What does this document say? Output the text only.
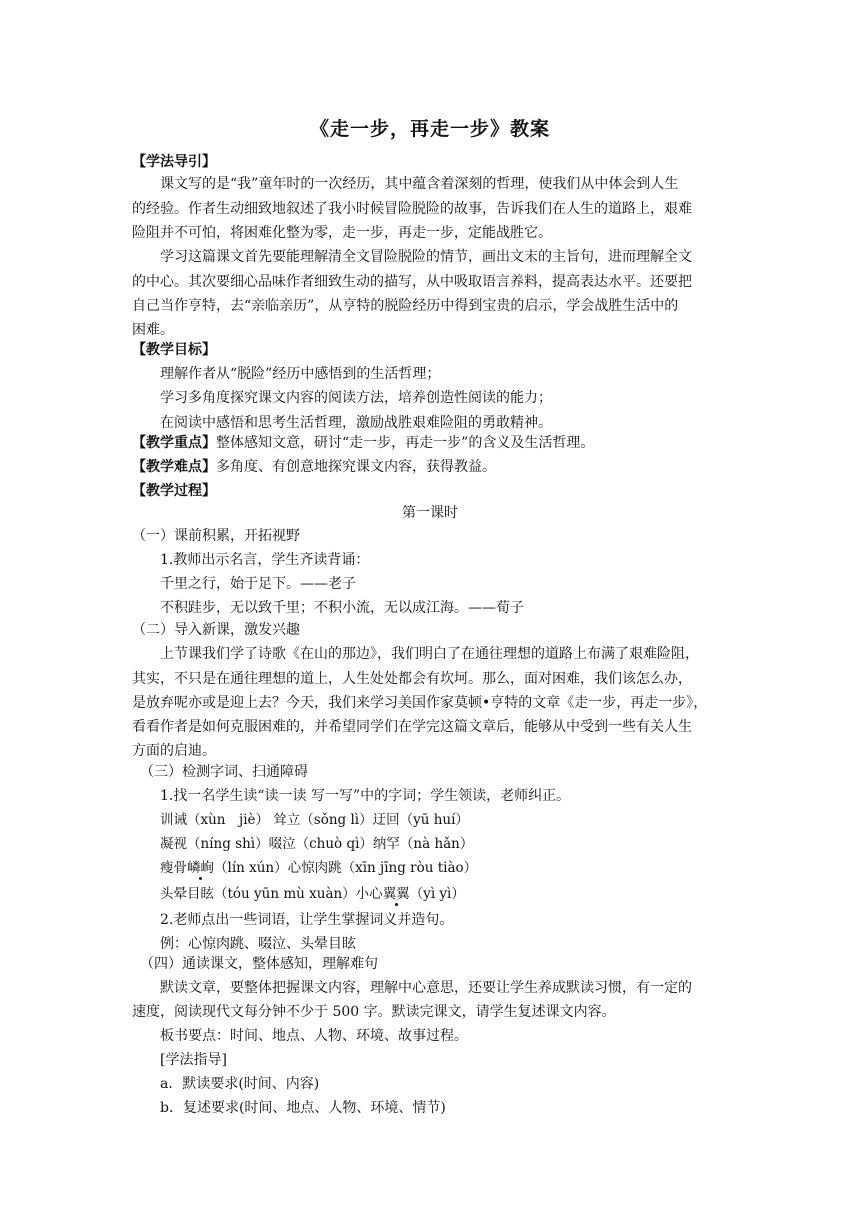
《走一步，再走一步》教案
【学法导引】
课文写的是“我”童年时的一次经历，其中蕴含着深刻的哲理，使我们从中体会到人生
的经验。作者生动细致地叙述了我小时候冒险脱险的故事，告诉我们在人生的道路上，艰难
险阻并不可怕，将困难化整为零，走一步，再走一步，定能战胜它。
学习这篇课文首先要能理解清全文冒险脱险的情节，画出文末的主旨句，进而理解全文
的中心。其次要细心品味作者细致生动的描写，从中吸取语言养料，提高表达水平。还要把
自己当作亨特，去“亲临亲历”，从亨特的脱险经历中得到宝贵的启示，学会战胜生活中的
困难。
【教学目标】
理解作者从“脱险”经历中感悟到的生活哲理；
学习多角度探究课文内容的阅读方法，培养创造性阅读的能力；
在阅读中感悟和思考生活哲理，激励战胜艰难险阻的勇敢精神。
【教学重点】整体感知文意，研讨“走一步，再走一步”的含义及生活哲理。
【教学难点】多角度、有创意地探究课文内容，获得教益。
【教学过程】
第一课时
（一）课前积累，开拓视野
1.教师出示名言，学生齐读背诵：
千里之行，始于足下。——老子
不积跬步，无以致千里；不积小流，无以成江海。——荀子
（二）导入新课，激发兴趣
上节课我们学了诗歌《在山的那边》，我们明白了在通往理想的道路上布满了艰难险阻，
其实，不只是在通往理想的道上，人生处处都会有坎坷。那么，面对困难，我们该怎么办，
是放弃呢亦或是迎上去？今天，我们来学习美国作家莫顿•亨特的文章《走一步，再走一步》，
看看作者是如何克服困难的，并希望同学们在学完这篇文章后，能够从中受到一些有关人生
方面的启迪。
（三）检测字词、扫通障碍
1.找一名学生读“读一读 写一写”中的字词；学生领读，老师纠正。
训诫（xùn　jiè） 耸立（sǒng lì）迂回（yū huí）
凝视（níng shì）啜泣（chuò qì）纳罕（nà hǎn）
瘦骨嶙峋（lín xún）心惊肉跳（xīn jīng ròu tiào）
头晕目眩（tóu yūn mù xuàn）小心翼翼（yì yì）
2.老师点出一些词语，让学生掌握词义并造句。
例：心惊肉跳、啜泣、头晕目眩
（四）通读课文，整体感知，理解难句
默读文章，要整体把握课文内容，理解中心意思，还要让学生养成默读习惯，有一定的
速度，阅读现代文每分钟不少于 500 字。默读完课文，请学生复述课文内容。
板书要点：时间、地点、人物、环境、故事过程。
[学法指导]
a．默读要求(时间、内容)
b．复述要求(时间、地点、人物、环境、情节)
